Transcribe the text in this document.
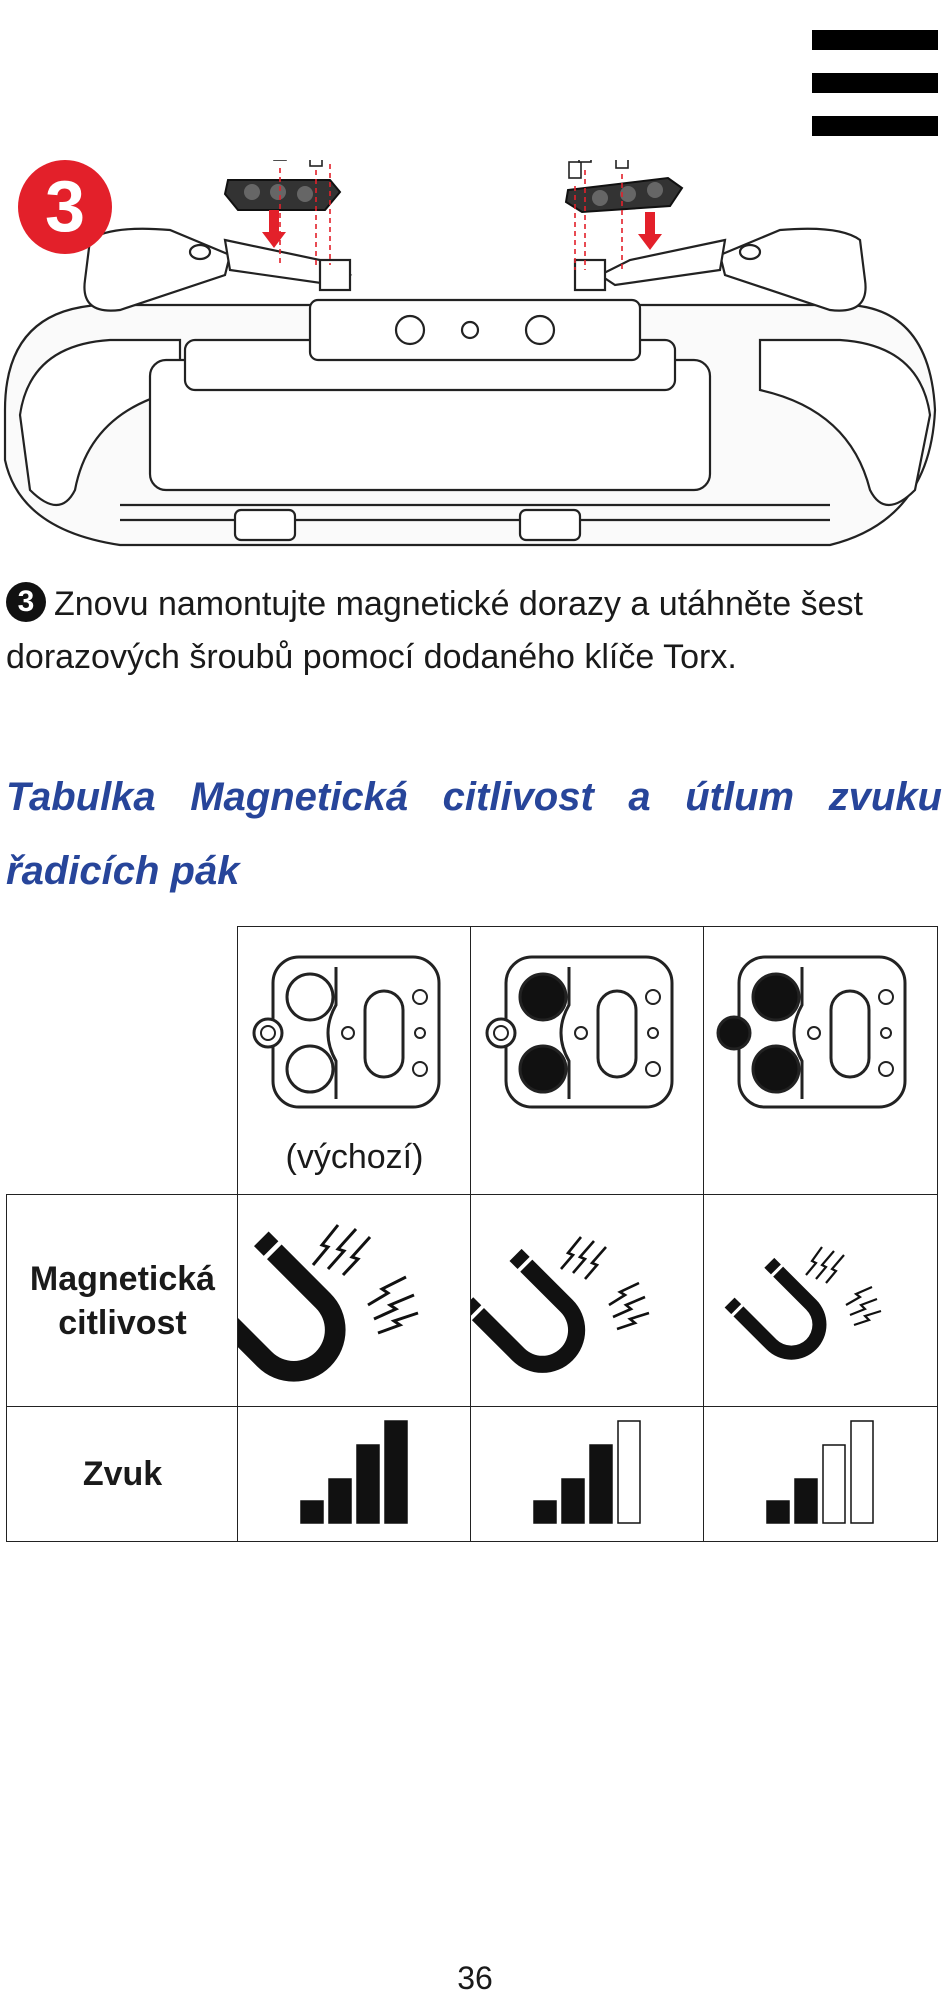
3
3 Znovu namontujte magnetické dorazy a utáhněte šest dorazových šroubů pomocí dodaného klíče Torx.
Tabulka Magnetická citlivost a útlum zvuku řadicích pák
(výchozí)
Magnetická
citlivost
Zvuk
36
